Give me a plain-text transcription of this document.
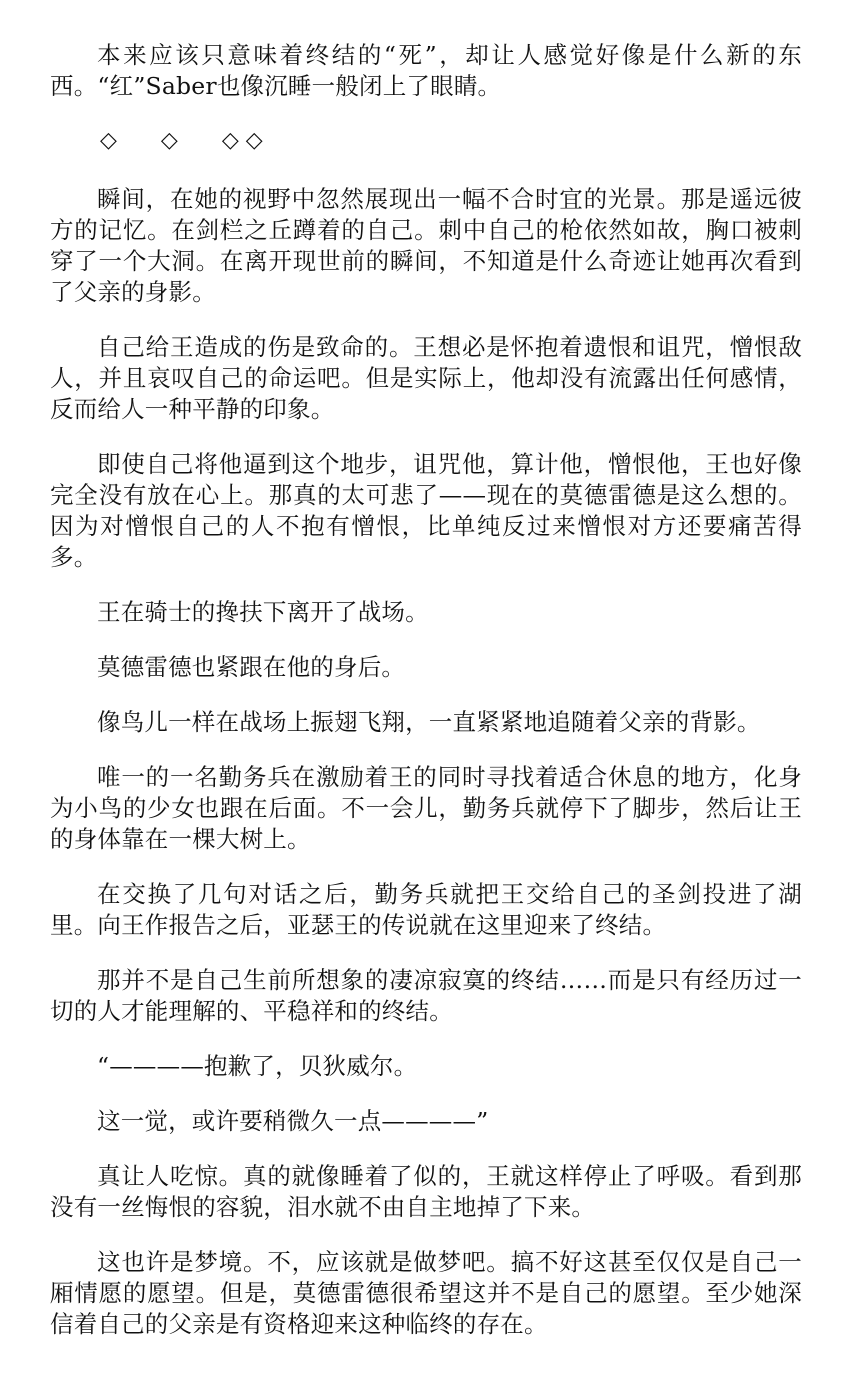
本来应该只意味着终结的“死”，却让人感觉好像是什么新的东西。“红”Saber也像沉睡一般闭上了眼睛。

◇　　◇　　◇ ◇

瞬间，在她的视野中忽然展现出一幅不合时宜的光景。那是遥远彼方的记忆。在剑栏之丘蹲着的自己。刺中自己的枪依然如故，胸口被刺穿了一个大洞。在离开现世前的瞬间，不知道是什么奇迹让她再次看到了父亲的身影。

自己给王造成的伤是致命的。王想必是怀抱着遗恨和诅咒，憎恨敌人，并且哀叹自己的命运吧。但是实际上，他却没有流露出任何感情，反而给人一种平静的印象。

即使自己将他逼到这个地步，诅咒他，算计他，憎恨他，王也好像完全没有放在心上。那真的太可悲了——现在的莫德雷德是这么想的。因为对憎恨自己的人不抱有憎恨，比单纯反过来憎恨对方还要痛苦得多。

王在骑士的搀扶下离开了战场。

莫德雷德也紧跟在他的身后。

像鸟儿一样在战场上振翅飞翔，一直紧紧地追随着父亲的背影。

唯一的一名勤务兵在激励着王的同时寻找着适合休息的地方，化身为小鸟的少女也跟在后面。不一会儿，勤务兵就停下了脚步，然后让王的身体靠在一棵大树上。

在交换了几句对话之后，勤务兵就把王交给自己的圣剑投进了湖里。向王作报告之后，亚瑟王的传说就在这里迎来了终结。

那并不是自己生前所想象的凄凉寂寞的终结……而是只有经历过一切的人才能理解的、平稳祥和的终结。

“————抱歉了，贝狄威尔。

这一觉，或许要稍微久一点————”

真让人吃惊。真的就像睡着了似的，王就这样停止了呼吸。看到那没有一丝悔恨的容貌，泪水就不由自主地掉了下来。

这也许是梦境。不，应该就是做梦吧。搞不好这甚至仅仅是自己一厢情愿的愿望。但是，莫德雷德很希望这并不是自己的愿望。至少她深信着自己的父亲是有资格迎来这种临终的存在。
